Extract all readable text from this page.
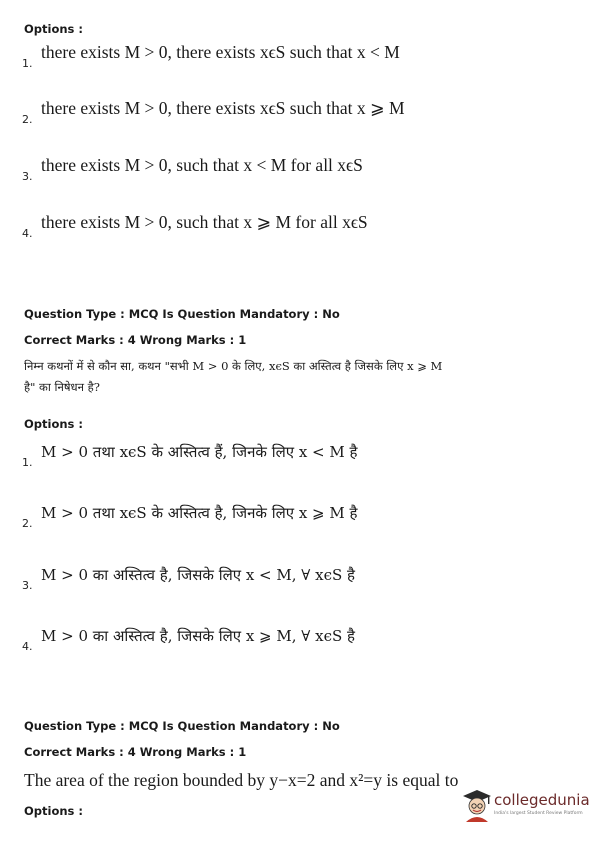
Options :
1.
there exists M > 0, there exists xϵS such that x < M
2.
there exists M > 0, there exists xϵS such that x ⩾ M
3.
there exists M > 0, such that x < M for all xϵS
4.
there exists M > 0, such that x ⩾ M for all xϵS
Question Type : MCQ Is Question Mandatory : No
Correct Marks : 4 Wrong Marks : 1
निम्न कथनों में से कौन सा, कथन "सभी M > 0 के लिए, xϵS का अस्तित्व है जिसके लिए x ⩾ M है" का निषेधन है?
Options :
1.
M > 0 तथा xϵS के अस्तित्व हैं, जिनके लिए x < M है
2.
M > 0 तथा xϵS के अस्तित्व है, जिनके लिए x ⩾ M है
3.
M > 0 का अस्तित्व है, जिसके लिए x < M, ∀ xϵS है
4.
M > 0 का अस्तित्व है, जिसके लिए x ⩾ M, ∀ xϵS है
Question Type : MCQ Is Question Mandatory : No
Correct Marks : 4 Wrong Marks : 1
The area of the region bounded by y−x=2 and x²=y is equal to
Options :
collegedunia
India's largest Student Review Platform
